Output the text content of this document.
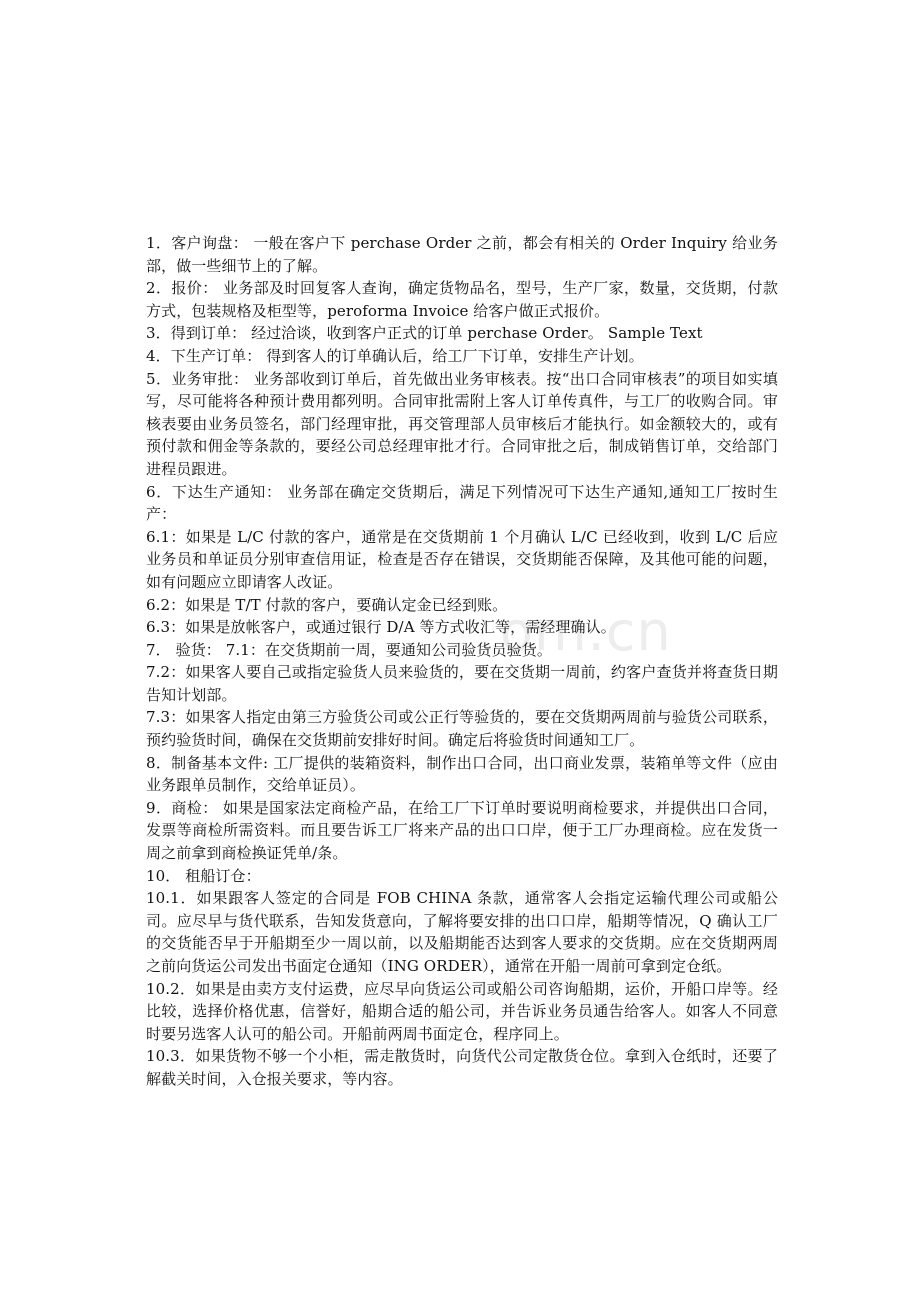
om.cn

1．客户询盘： 一般在客户下 perchase Order 之前，都会有相关的 Order Inquiry 给业务部，做一些细节上的了解。

2．报价： 业务部及时回复客人查询，确定货物品名，型号，生产厂家，数量，交货期，付款方式，包装规格及柜型等，peroforma Invoice 给客户做正式报价。

3．得到订单： 经过洽谈，收到客户正式的订单 perchase Order。 Sample Text

4．下生产订单： 得到客人的订单确认后，给工厂下订单，安排生产计划。

5．业务审批： 业务部收到订单后，首先做出业务审核表。按“出口合同审核表”的项目如实填写，尽可能将各种预计费用都列明。合同审批需附上客人订单传真件，与工厂的收购合同。审核表要由业务员签名，部门经理审批，再交管理部人员审核后才能执行。如金额较大的，或有预付款和佣金等条款的，要经公司总经理审批才行。合同审批之后，制成销售订单，交给部门进程员跟进。

6．下达生产通知： 业务部在确定交货期后，满足下列情况可下达生产通知,通知工厂按时生产：

6.1：如果是 L/C 付款的客户，通常是在交货期前 1 个月确认 L/C 已经收到，收到 L/C 后应业务员和单证员分别审查信用证，检查是否存在错误，交货期能否保障，及其他可能的问题，如有问题应立即请客人改证。

6.2：如果是 T/T 付款的客户，要确认定金已经到账。

6.3：如果是放帐客户，或通过银行 D/A 等方式收汇等，需经理确认。

7． 验货： 7.1：在交货期前一周，要通知公司验货员验货。

7.2：如果客人要自己或指定验货人员来验货的，要在交货期一周前，约客户查货并将查货日期告知计划部。

7.3：如果客人指定由第三方验货公司或公正行等验货的，要在交货期两周前与验货公司联系，预约验货时间，确保在交货期前安排好时间。确定后将验货时间通知工厂。

8．制备基本文件: 工厂提供的装箱资料，制作出口合同，出口商业发票，装箱单等文件（应由业务跟单员制作，交给单证员）。

9．商检： 如果是国家法定商检产品，在给工厂下订单时要说明商检要求，并提供出口合同，发票等商检所需资料。而且要告诉工厂将来产品的出口口岸，便于工厂办理商检。应在发货一周之前拿到商检换证凭单/条。

10． 租船订仓：

10.1．如果跟客人签定的合同是 FOB CHINA 条款，通常客人会指定运输代理公司或船公司。应尽早与货代联系，告知发货意向，了解将要安排的出口口岸，船期等情况，Q 确认工厂的交货能否早于开船期至少一周以前，以及船期能否达到客人要求的交货期。应在交货期两周之前向货运公司发出书面定仓通知（ING ORDER），通常在开船一周前可拿到定仓纸。

10.2．如果是由卖方支付运费，应尽早向货运公司或船公司咨询船期，运价，开船口岸等。经比较，选择价格优惠，信誉好，船期合适的船公司，并告诉业务员通告给客人。如客人不同意时要另选客人认可的船公司。开船前两周书面定仓，程序同上。

10.3．如果货物不够一个小柜，需走散货时，向货代公司定散货仓位。拿到入仓纸时，还要了解截关时间，入仓报关要求，等内容。
